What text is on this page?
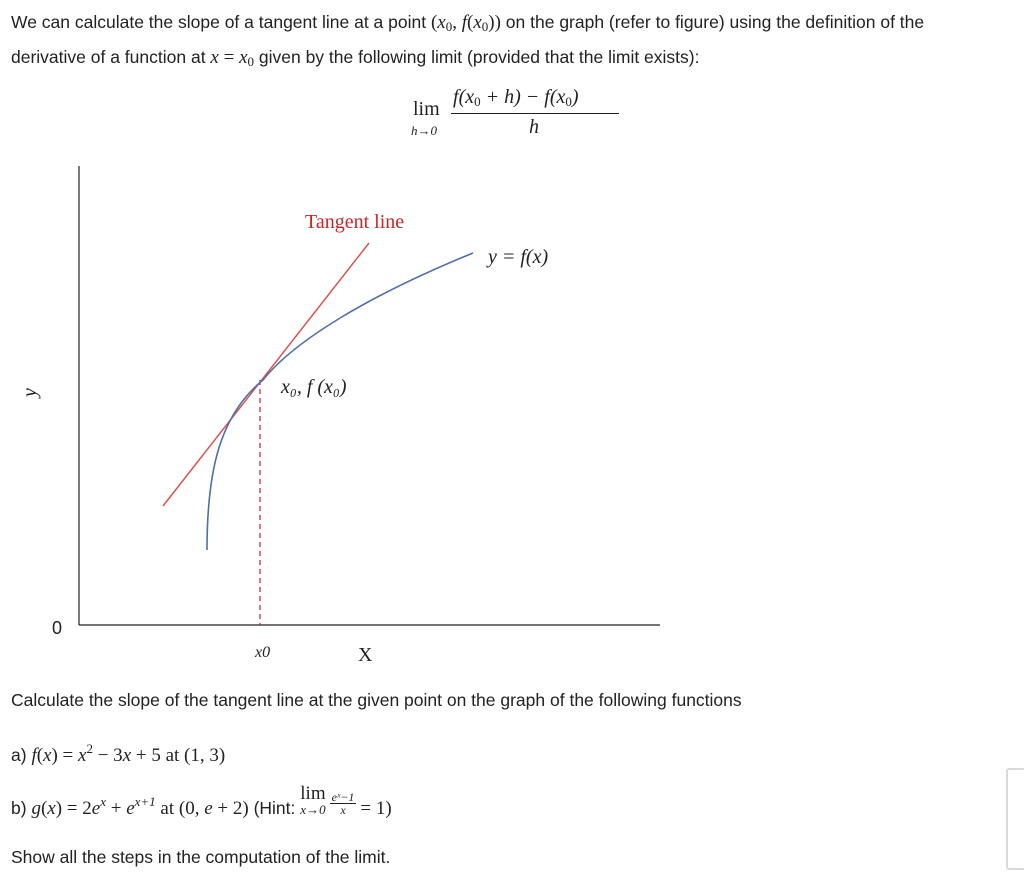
We can calculate the slope of a tangent line at a point ($x_0$, $f(x_0)$) on the graph (refer to figure) using the definition of the
derivative of a function at $x = x_0$ given by the following limit (provided that the limit exists):

lim
h→0
$f(x_0 + h) - f(x_0)$
h
Tangent line
y = f(x)
x₀, f (x₀)
y
0
x0	X

Calculate the slope of the tangent line at the given point on the graph of the following functions

a) $f(x) = x^2 - 3x + 5$ at (1, 3)

b) $g(x) = 2e^x + e^{x+1}$ at (0, e + 2) (Hint: lim
$x\to 0 \frac{\text{eˣ−1}}{x} = 1$)

Show all the steps in the computation of the limit.
